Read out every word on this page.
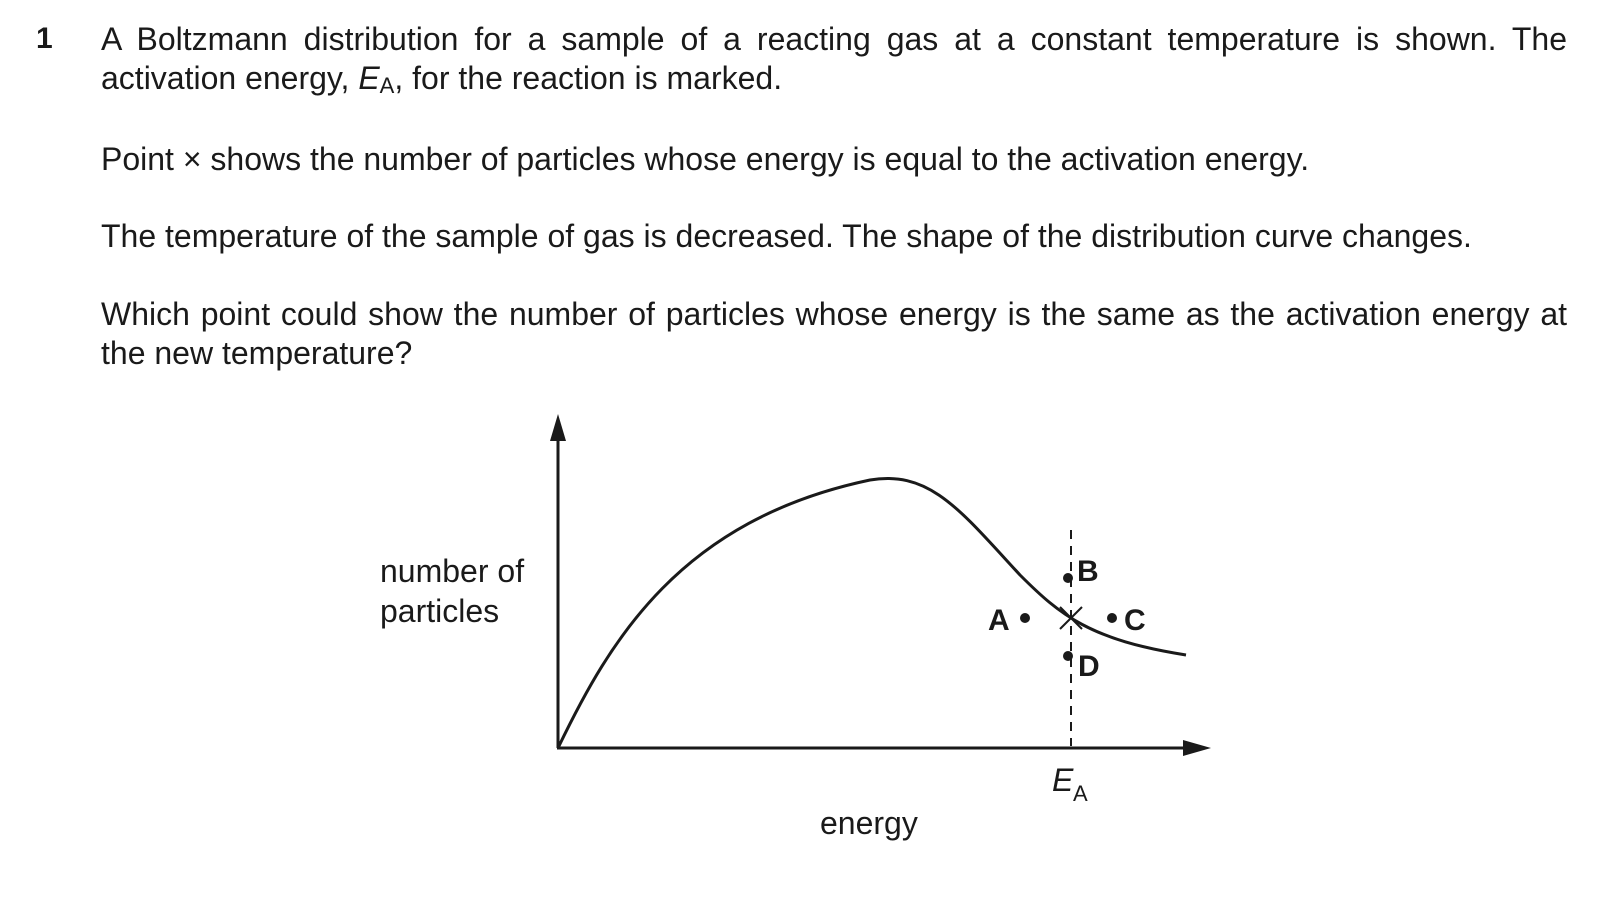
1 A Boltzmann distribution for a sample of a reacting gas at a constant temperature is shown. The activation energy, EA, for the reaction is marked.

Point × shows the number of particles whose energy is equal to the activation energy.

The temperature of the sample of gas is decreased. The shape of the distribution curve changes.

Which point could show the number of particles whose energy is the same as the activation energy at the new temperature?

A
B
C
D
number of
particles
energy
E A
